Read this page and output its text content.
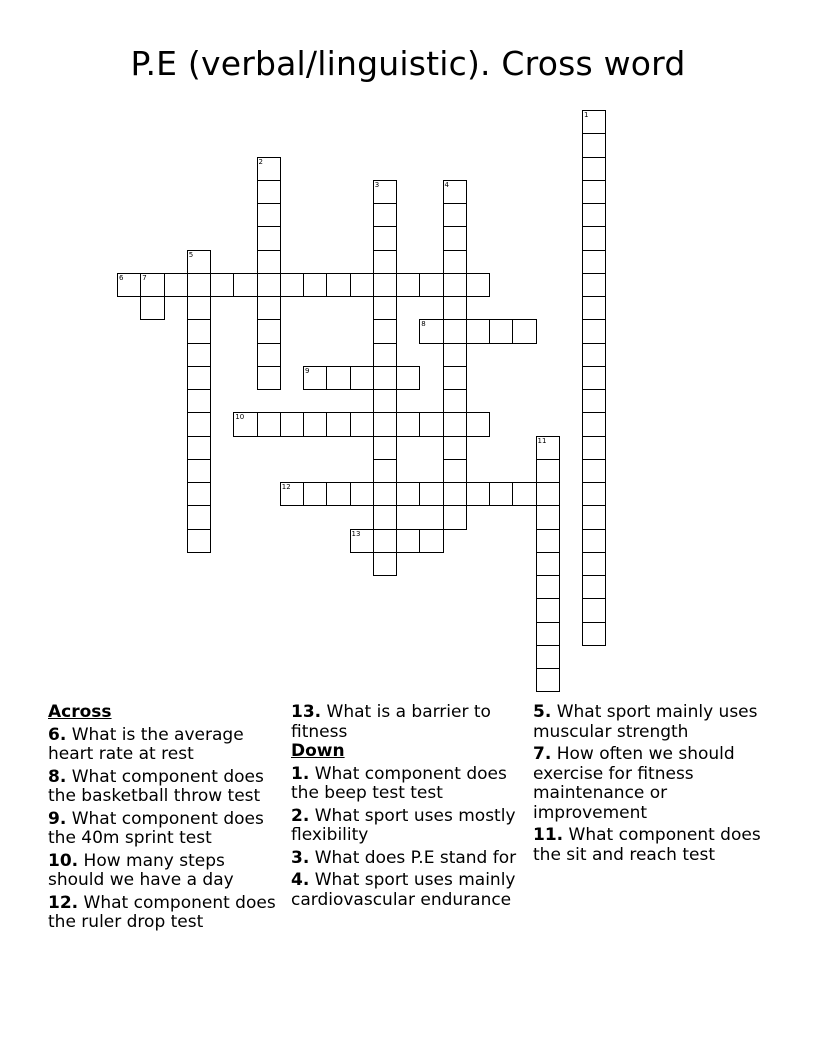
P.E (verbal/linguistic). Cross word
1
2
3	4
5
6	7
8
9
10
11
12
13
Across
6. What is the average heart rate at rest
8. What component does the basketball throw test
9. What component does the 40m sprint test
10. How many steps should we have a day
12. What component does the ruler drop test
13. What is a barrier to fitness
Down
1. What component does the beep test test
2. What sport uses mostly flexibility
3. What does P.E stand for
4. What sport uses mainly cardiovascular endurance
5. What sport mainly uses muscular strength
7. How often we should exercise for fitness maintenance or improvement
11. What component does the sit and reach test
